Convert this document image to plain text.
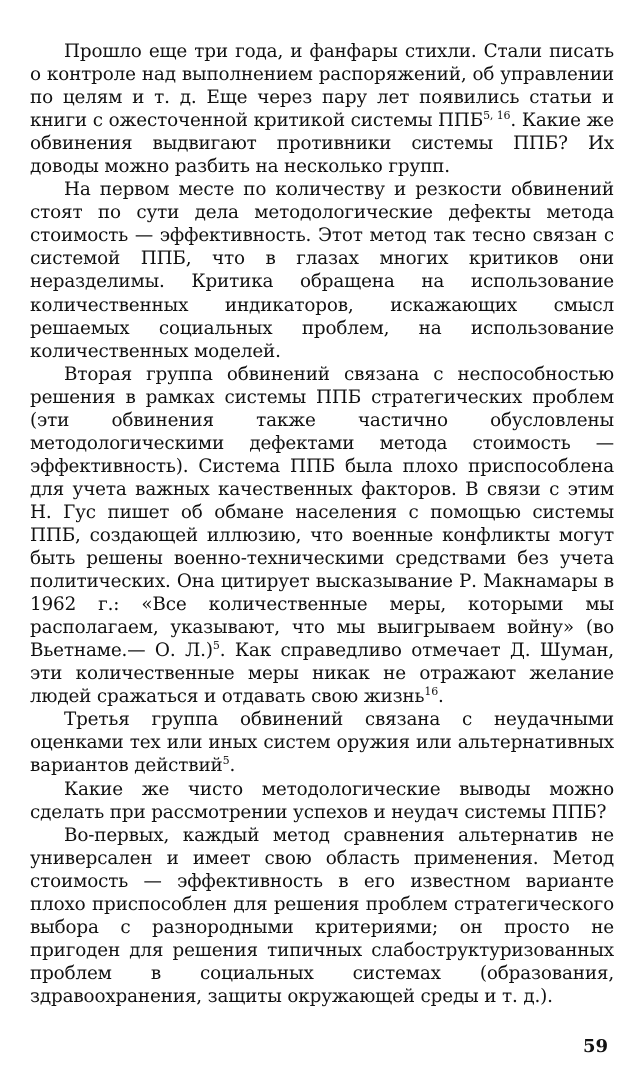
Прошло еще три года, и фанфары стихли. Стали писать о контроле над выполнением распоряжений, об управлении по целям и т. д. Еще через пару лет появились статьи и книги с ожесточенной критикой системы ППБ$^{5, 16}$. Какие же обвинения выдвигают противники системы ППБ? Их доводы можно разбить на несколько групп.

На первом месте по количеству и резкости обвинений стоят по сути дела методологические дефекты метода стоимость — эффективность. Этот метод так тесно связан с системой ППБ, что в глазах многих критиков они неразделимы. Критика обращена на использование количественных индикаторов, искажающих смысл решаемых социальных проблем, на использование количественных моделей.

Вторая группа обвинений связана с неспособностью решения в рамках системы ППБ стратегических проблем (эти обвинения также частично обусловлены методологическими дефектами метода стоимость — эффективность). Система ППБ была плохо приспособлена для учета важных качественных факторов. В связи с этим Н. Гус пишет об обмане населения с помощью системы ППБ, создающей иллюзию, что военные конфликты могут быть решены военно-техническими средствами без учета политических. Она цитирует высказывание Р. Макнамары в 1962 г.: «Все количественные меры, которыми мы располагаем, указывают, что мы выигрываем войну» (во Вьетнаме.— О. Л.)$^5$. Как справедливо отмечает Д. Шуман, эти количественные меры никак не отражают желание людей сражаться и отдавать свою жизнь$^{16}$.

Третья группа обвинений связана с неудачными оценками тех или иных систем оружия или альтернативных вариантов действий$^5$.

Какие же чисто методологические выводы можно сделать при рассмотрении успехов и неудач системы ППБ?

Во-первых, каждый метод сравнения альтернатив не универсален и имеет свою область применения. Метод стоимость — эффективность в его известном варианте плохо приспособлен для решения проблем стратегического выбора с разнородными критериями; он просто не пригоден для решения типичных слабоструктуризованных проблем в социальных системах (образования, здравоохранения, защиты окружающей среды и т. д.).

59
